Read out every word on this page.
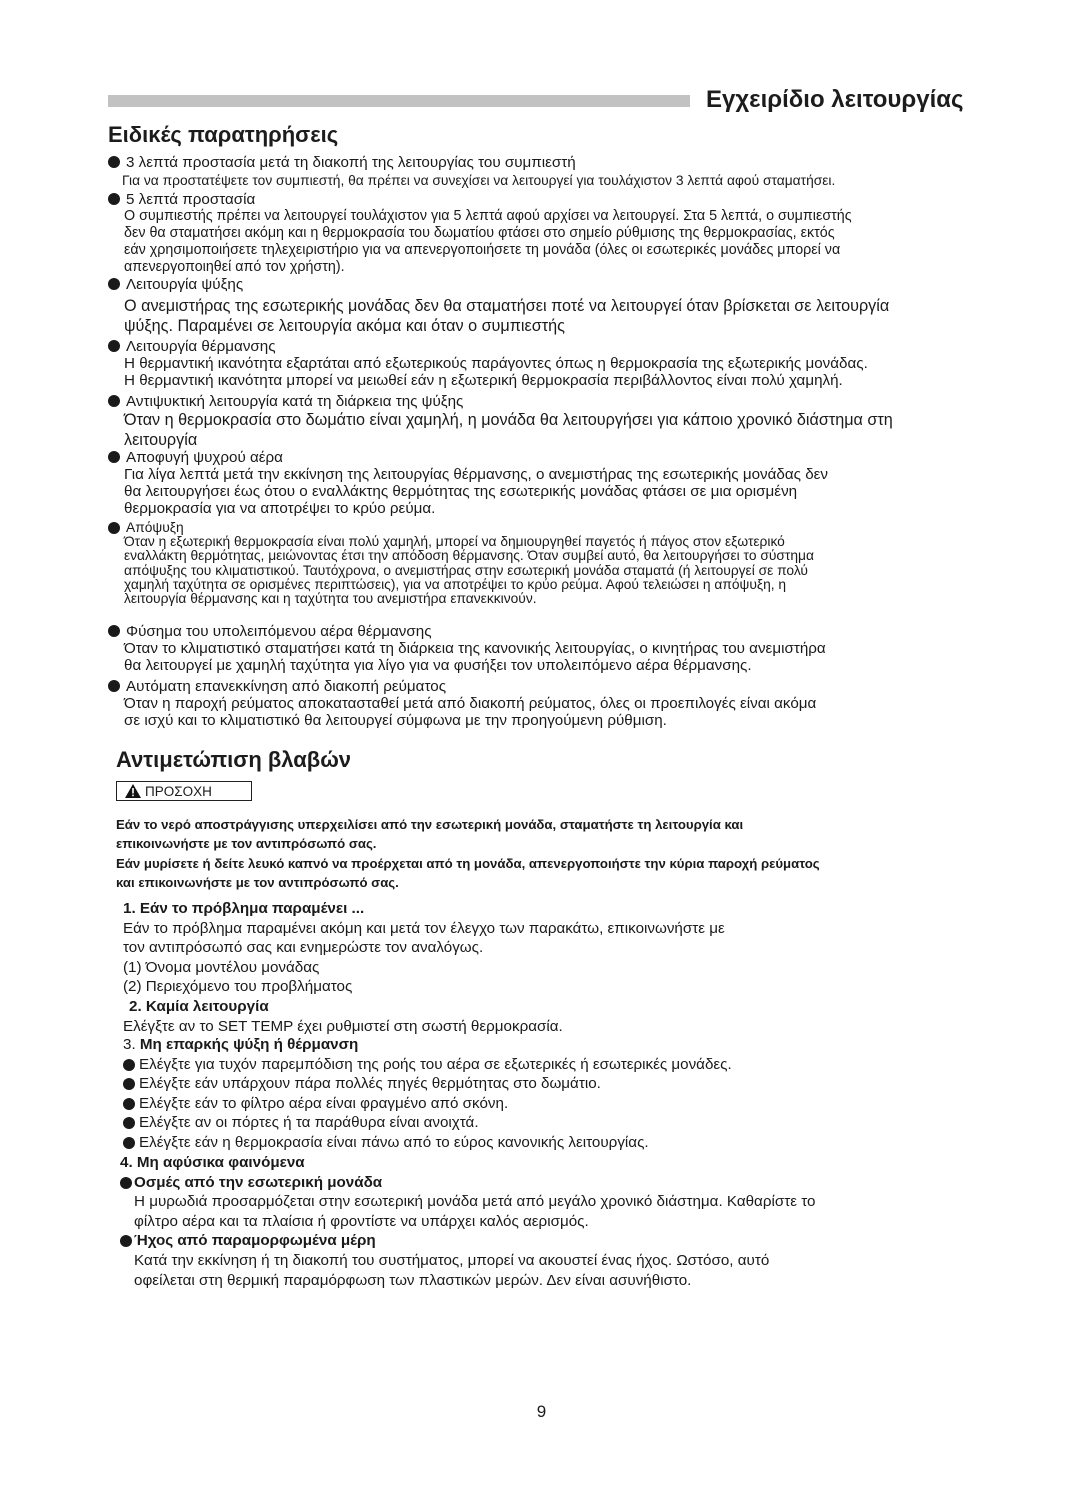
Εγχειρίδιο λειτουργίας
Ειδικές παρατηρήσεις
3 λεπτά προστασία μετά τη διακοπή της λειτουργίας του συμπιεστή
Για να προστατέψετε τον συμπιεστή, θα πρέπει να συνεχίσει να λειτουργεί για τουλάχιστον 3 λεπτά αφού σταματήσει.
5 λεπτά προστασία
Ο συμπιεστής πρέπει να λειτουργεί τουλάχιστον για 5 λεπτά αφού αρχίσει να λειτουργεί. Στα 5 λεπτά, ο συμπιεστής
δεν θα σταματήσει ακόμη και η θερμοκρασία του δωματίου φτάσει στο σημείο ρύθμισης της θερμοκρασίας, εκτός
εάν χρησιμοποιήσετε τηλεχειριστήριο για να απενεργοποιήσετε τη μονάδα (όλες οι εσωτερικές μονάδες μπορεί να
απενεργοποιηθεί από τον χρήστη).
Λειτουργία ψύξης
Ο ανεμιστήρας της εσωτερικής μονάδας δεν θα σταματήσει ποτέ να λειτουργεί όταν βρίσκεται σε λειτουργία
ψύξης. Παραμένει σε λειτουργία ακόμα και όταν ο συμπιεστής
Λειτουργία θέρμανσης
Η θερμαντική ικανότητα εξαρτάται από εξωτερικούς παράγοντες όπως η θερμοκρασία της εξωτερικής μονάδας.
Η θερμαντική ικανότητα μπορεί να μειωθεί εάν η εξωτερική θερμοκρασία περιβάλλοντος είναι πολύ χαμηλή.
Αντιψυκτική λειτουργία κατά τη διάρκεια της ψύξης
Όταν η θερμοκρασία στο δωμάτιο είναι χαμηλή, η μονάδα θα λειτουργήσει για κάποιο χρονικό διάστημα στη
λειτουργία
Αποφυγή ψυχρού αέρα
Για λίγα λεπτά μετά την εκκίνηση της λειτουργίας θέρμανσης, ο ανεμιστήρας της εσωτερικής μονάδας δεν
θα λειτουργήσει έως ότου ο εναλλάκτης θερμότητας της εσωτερικής μονάδας φτάσει σε μια ορισμένη
θερμοκρασία για να αποτρέψει το κρύο ρεύμα.
Απόψυξη
Όταν η εξωτερική θερμοκρασία είναι πολύ χαμηλή, μπορεί να δημιουργηθεί παγετός ή πάγος στον εξωτερικό
εναλλάκτη θερμότητας, μειώνοντας έτσι την απόδοση θέρμανσης. Όταν συμβεί αυτό, θα λειτουργήσει το σύστημα
απόψυξης του κλιματιστικού. Ταυτόχρονα, ο ανεμιστήρας στην εσωτερική μονάδα σταματά (ή λειτουργεί σε πολύ
χαμηλή ταχύτητα σε ορισμένες περιπτώσεις), για να αποτρέψει το κρύο ρεύμα. Αφού τελειώσει η απόψυξη, η
λειτουργία θέρμανσης και η ταχύτητα του ανεμιστήρα επανεκκινούν.
Φύσημα του υπολειπόμενου αέρα θέρμανσης
Όταν το κλιματιστικό σταματήσει κατά τη διάρκεια της κανονικής λειτουργίας, ο κινητήρας του ανεμιστήρα
θα λειτουργεί με χαμηλή ταχύτητα για λίγο για να φυσήξει τον υπολειπόμενο αέρα θέρμανσης.
Αυτόματη επανεκκίνηση από διακοπή ρεύματος
Όταν η παροχή ρεύματος αποκατασταθεί μετά από διακοπή ρεύματος, όλες οι προεπιλογές είναι ακόμα
σε ισχύ και το κλιματιστικό θα λειτουργεί σύμφωνα με την προηγούμενη ρύθμιση.
Αντιμετώπιση βλαβών
ΠΡΟΣΟΧΗ
Εάν το νερό αποστράγγισης υπερχειλίσει από την εσωτερική μονάδα, σταματήστε τη λειτουργία και
επικοινωνήστε με τον αντιπρόσωπό σας.
Εάν μυρίσετε ή δείτε λευκό καπνό να προέρχεται από τη μονάδα, απενεργοποιήστε την κύρια παροχή ρεύματος
και επικοινωνήστε με τον αντιπρόσωπό σας.
1. Εάν το πρόβλημα παραμένει ...
Εάν το πρόβλημα παραμένει ακόμη και μετά τον έλεγχο των παρακάτω, επικοινωνήστε με
τον αντιπρόσωπό σας και ενημερώστε τον αναλόγως.
(1) Όνομα μοντέλου μονάδας
(2) Περιεχόμενο του προβλήματος
2. Καμία λειτουργία
Ελέγξτε αν το SET TEMP έχει ρυθμιστεί στη σωστή θερμοκρασία.
3. Μη επαρκής ψύξη ή θέρμανση
Ελέγξτε για τυχόν παρεμπόδιση της ροής του αέρα σε εξωτερικές ή εσωτερικές μονάδες.
Ελέγξτε εάν υπάρχουν πάρα πολλές πηγές θερμότητας στο δωμάτιο.
Ελέγξτε εάν το φίλτρο αέρα είναι φραγμένο από σκόνη.
Ελέγξτε αν οι πόρτες ή τα παράθυρα είναι ανοιχτά.
Ελέγξτε εάν η θερμοκρασία είναι πάνω από το εύρος κανονικής λειτουργίας.
4. Μη αφύσικα φαινόμενα
Οσμές από την εσωτερική μονάδα
Η μυρωδιά προσαρμόζεται στην εσωτερική μονάδα μετά από μεγάλο χρονικό διάστημα. Καθαρίστε το
φίλτρο αέρα και τα πλαίσια ή φροντίστε να υπάρχει καλός αερισμός.
Ήχος από παραμορφωμένα μέρη
Κατά την εκκίνηση ή τη διακοπή του συστήματος, μπορεί να ακουστεί ένας ήχος. Ωστόσο, αυτό
οφείλεται στη θερμική παραμόρφωση των πλαστικών μερών. Δεν είναι ασυνήθιστο.
9
